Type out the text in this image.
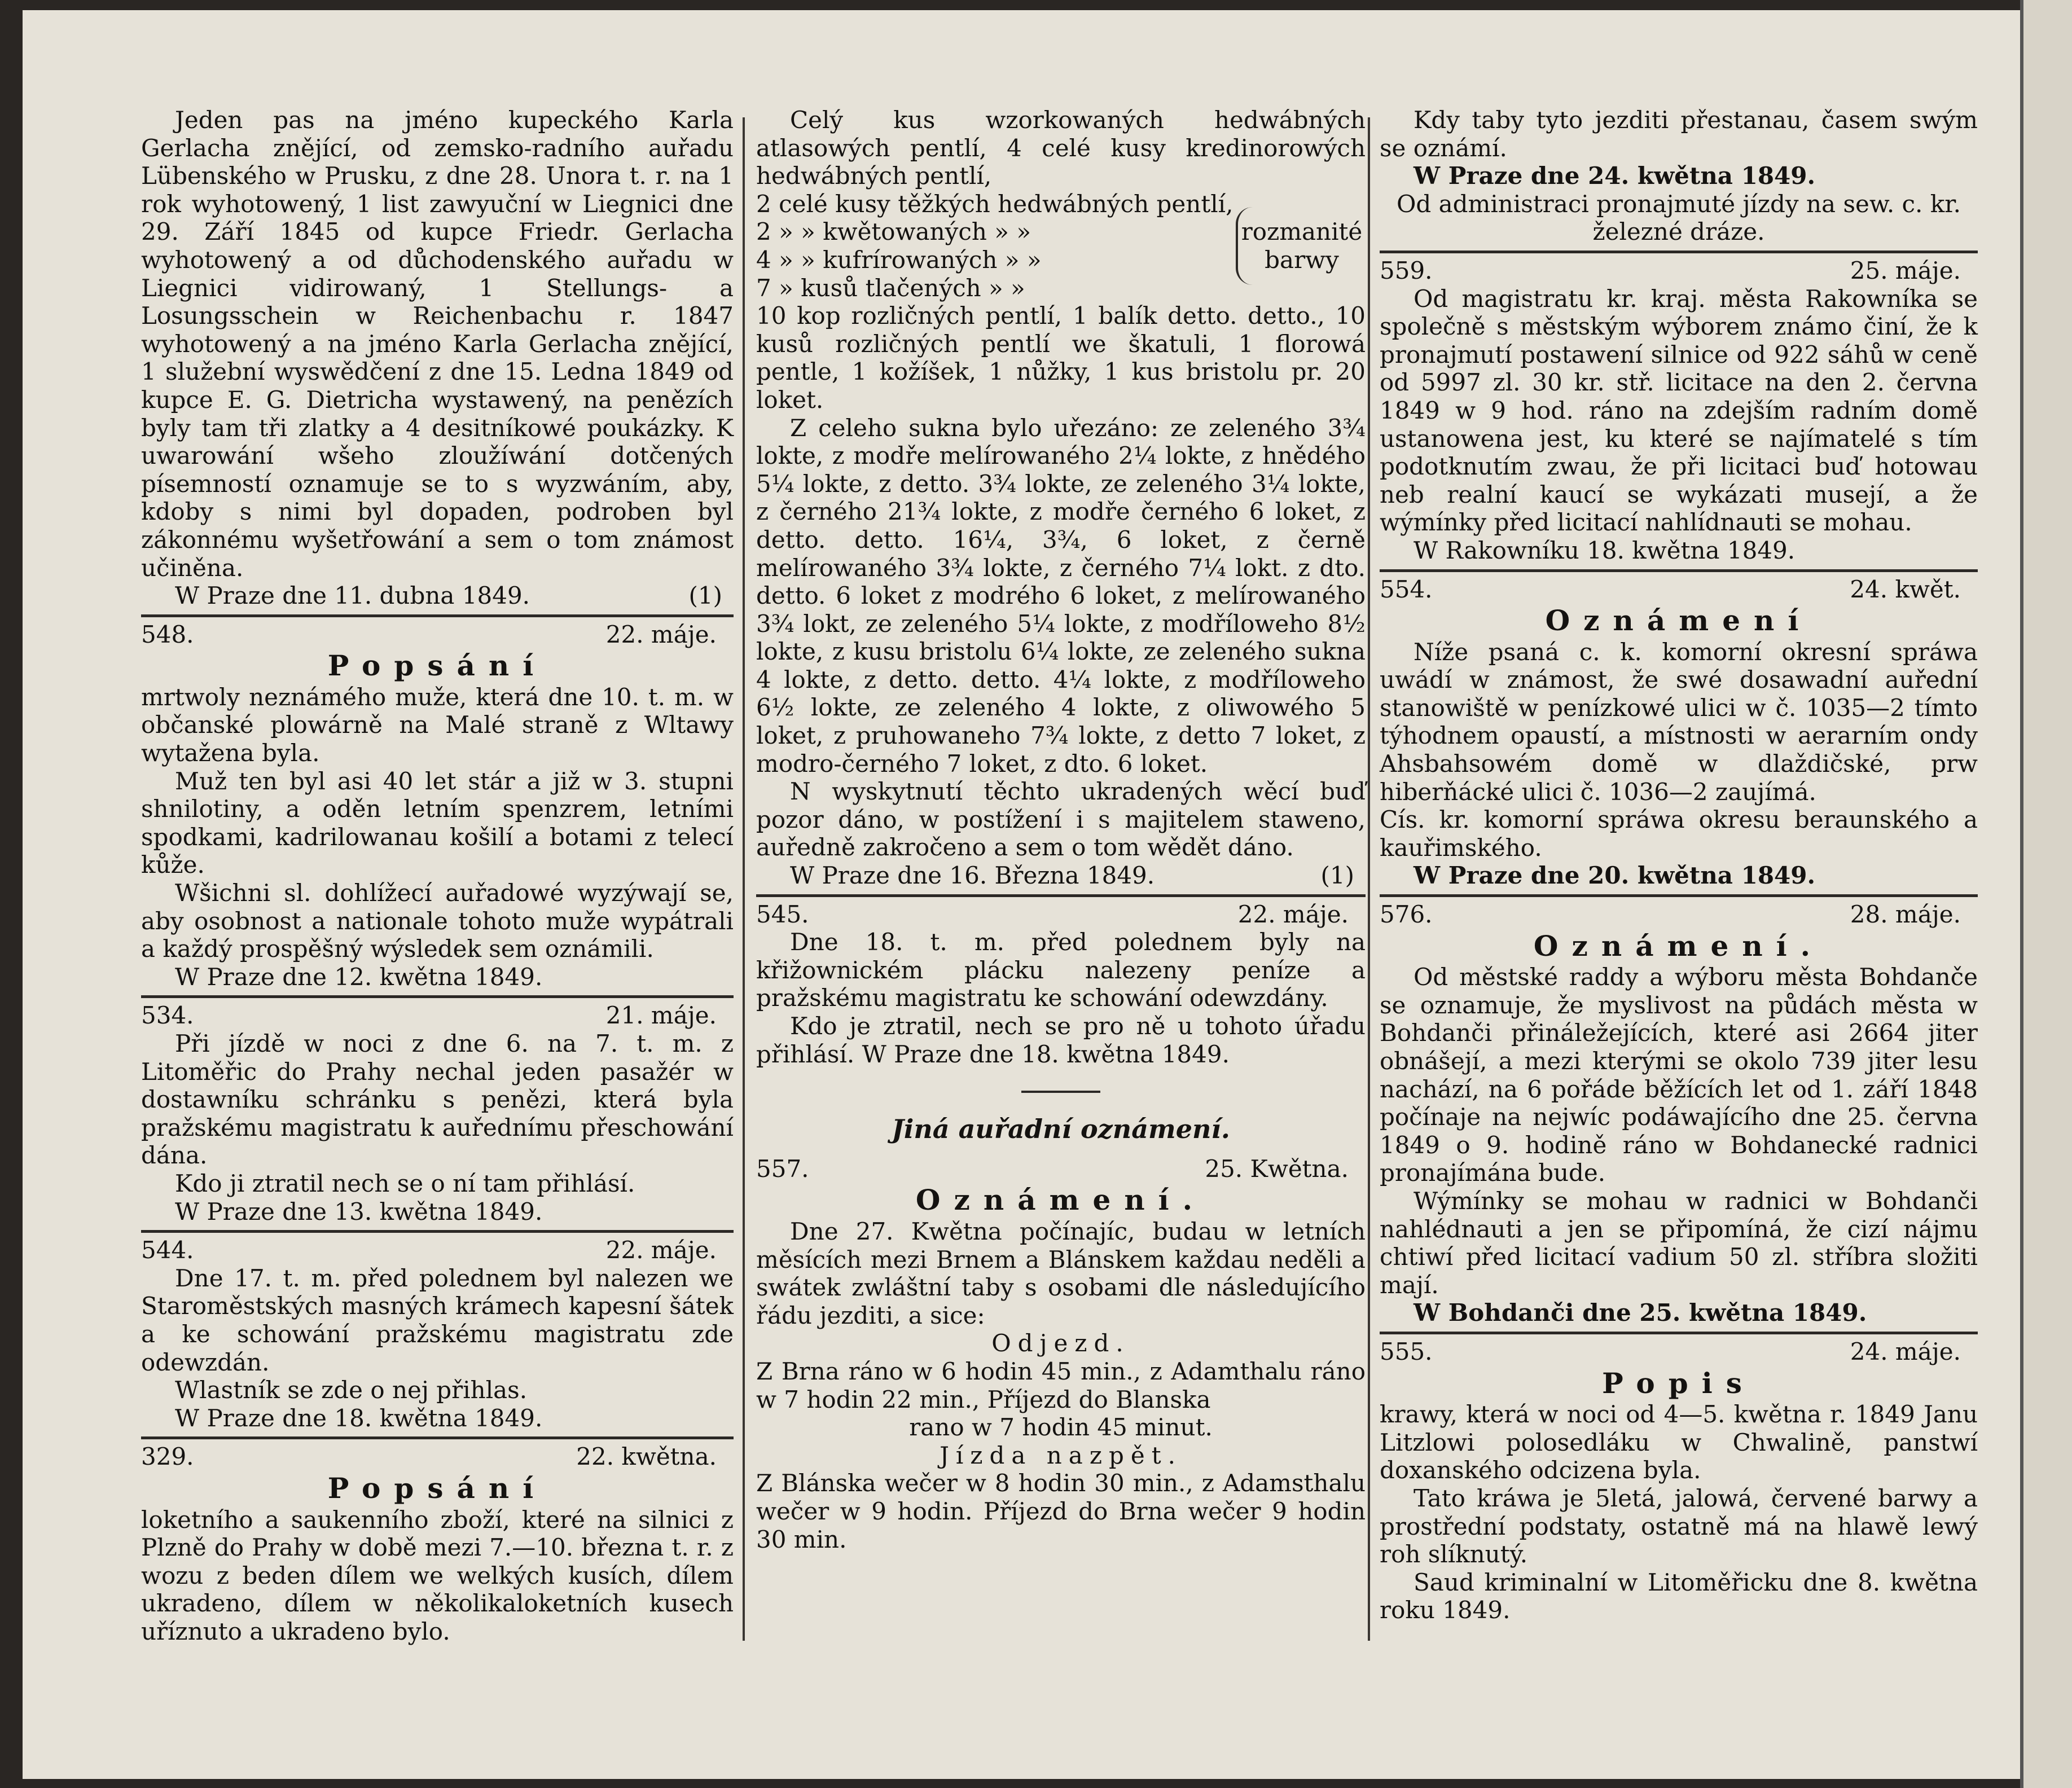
Jeden pas na jméno kupeckého Karla Gerlacha znějící, od zemsko-radního auřadu Lübenského w Prusku, z dne 28. Unora t. r. na 1 rok wyhotowený, 1 list zawyuční w Liegnici dne 29. Září 1845 od kupce Friedr. Gerlacha wyhotowený a od důchodenského auřadu w Liegnici vidirowaný, 1 Stellungs- a Losungsschein w Reichenbachu r. 1847 wyhotowený a na jméno Karla Gerlacha znějící, 1 služební wyswědčení z dne 15. Ledna 1849 od kupce E. G. Dietricha wystawený, na penězích byly tam tři zlatky a 4 desitníkowé poukázky. K uwarowání wšeho zloužíwání dotčených písemností oznamuje se to s wyzwáním, aby, kdoby s nimi byl dopaden, podroben byl zákonnému wyšetřowání a sem o tom známost učiněna.

W Praze dne 11. dubna 1849.	(1)
548.	22. máje.
Popsání

mrtwoly neznámého muže, která dne 10. t. m. w občanské plowárně na Malé straně z Wltawy wytažena byla.

Muž ten byl asi 40 let stár a již w 3. stupni shnilotiny, a oděn letním spenzrem, letními spodkami, kadrilowanau košilí a botami z telecí kůže.

Wšichni sl. dohlížecí auřadowé wyzýwají se, aby osobnost a nationale tohoto muže wypátrali a každý prospěšný wýsledek sem oznámili.

W Praze dne 12. kwětna 1849.

534.	21. máje.

Při jízdě w noci z dne 6. na 7. t. m. z Litoměřic do Prahy nechal jeden pasažér w dostawníku schránku s penězi, která byla pražskému magistratu k auřednímu přeschowání dána.

Kdo ji ztratil nech se o ní tam přihlásí.

W Praze dne 13. kwětna 1849.

544.	22. máje.

Dne 17. t. m. před polednem byl nalezen we Staroměstských masných krámech kapesní šátek a ke schowání pražskému magistratu zde odewzdán.

Wlastník se zde o nej přihlas.

W Praze dne 18. kwětna 1849.

329.	22. kwětna.
Popsání

loketního a saukenního zboží, které na silnici z Plzně do Prahy w době mezi 7.—10. března t. r. z wozu z beden dílem we welkých kusích, dílem ukradeno, dílem w několikaloketních kusech uříznuto a ukradeno bylo.

Celý kus wzorkowaných hedwábných atlasowých pentlí, 4 celé kusy kredinorowých hedwábných pentlí,

2 celé kusy těžkých hedwábných pentlí,
2 » » kwětowaných » »
4 » » kufrírowaných » »
7 » kusů tlačených » »
rozmanité barwy

10 kop rozličných pentlí, 1 balík detto. detto., 10 kusů rozličných pentlí we škatuli, 1 florowá pentle, 1 kožíšek, 1 nůžky, 1 kus bristolu pr. 20 loket.

Z celeho sukna bylo uřezáno: ze zeleného 3¾ lokte, z modře melírowaného 2¼ lokte, z hnědého 5¼ lokte, z detto. 3¾ lokte, ze zeleného 3¼ lokte, z černého 21¾ lokte, z modře černého 6 loket, z detto. detto. 16¼, 3¾, 6 loket, z černě melírowaného 3¾ lokte, z černého 7¼ lokt. z dto. detto. 6 loket z modrého 6 loket, z melírowaného 3¾ lokt, ze zeleného 5¼ lokte, z modříloweho 8½ lokte, z kusu bristolu 6¼ lokte, ze zeleného sukna 4 lokte, z detto. detto. 4¼ lokte, z modříloweho 6½ lokte, ze zeleného 4 lokte, z oliwowého 5 loket, z pruhowaneho 7¾ lokte, z detto 7 loket, z modro-černého 7 loket, z dto. 6 loket.

N wyskytnutí těchto ukradených wěcí buď pozor dáno, w postížení i s majitelem staweno, auředně zakročeno a sem o tom wědět dáno.

W Praze dne 16. Března 1849.	(1)
545.	22. máje.

Dne 18. t. m. před polednem byly na křižownickém plácku nalezeny peníze a pražskému magistratu ke schowání odewzdány.

Kdo je ztratil, nech se pro ně u tohoto úřadu přihlásí. W Praze dne 18. kwětna 1849.

Jiná auřadní oznámení.
557.	25. Kwětna.
Oznámení.

Dne 27. Kwětna počínajíc, budau w letních měsících mezi Brnem a Blánskem každau neděli a swátek zwláštní taby s osobami dle následujícího řádu jezditi, a sice:

Odjezd.

Z Brna ráno w 6 hodin 45 min., z Adamthalu ráno w 7 hodin 22 min., Příjezd do Blanska

rano w 7 hodin 45 minut.

Jízda nazpět.

Z Blánska wečer w 8 hodin 30 min., z Adamsthalu wečer w 9 hodin. Příjezd do Brna wečer 9 hodin 30 min.

Kdy taby tyto jezditi přestanau, časem swým se oznámí.

W Praze dne 24. kwětna 1849.

Od administraci pronajmuté jízdy na sew. c. kr. železné dráze.

559.	25. máje.

Od magistratu kr. kraj. města Rakowníka se společně s městským wýborem známo činí, že k pronajmutí postawení silnice od 922 sáhů w ceně od 5997 zl. 30 kr. stř. licitace na den 2. června 1849 w 9 hod. ráno na zdejším radním domě ustanowena jest, ku které se najímatelé s tím podotknutím zwau, že při licitaci buď hotowau neb realní kaucí se wykázati musejí, a že wýmínky před licitací nahlídnauti se mohau.

W Rakowníku 18. kwětna 1849.

554.	24. kwět.
Oznámení

Níže psaná c. k. komorní okresní spráwa uwádí w známost, že swé dosawadní auřední stanowiště w penízkowé ulici w č. 1035—2 tímto týhodnem opaustí, a místnosti w aerarním ondy Ahsbahsowém domě w dlaždičské, prw hiberňácké ulici č. 1036—2 zaujímá.

Cís. kr. komorní spráwa okresu beraunského a kauřimského.

W Praze dne 20. kwětna 1849.

576.	28. máje.
Oznámení.

Od městské raddy a wýboru města Bohdanče se oznamuje, že myslivost na půdách města w Bohdanči přináležejících, které asi 2664 jiter obnášejí, a mezi kterými se okolo 739 jiter lesu nachází, na 6 pořáde běžících let od 1. září 1848 počínaje na nejwíc podáwajícího dne 25. června 1849 o 9. hodině ráno w Bohdanecké radnici pronajímána bude.

Wýmínky se mohau w radnici w Bohdanči nahlédnauti a jen se připomíná, že cizí nájmu chtiwí před licitací vadium 50 zl. stříbra složiti mají.

W Bohdanči dne 25. kwětna 1849.

555.	24. máje.
Popis

krawy, která w noci od 4—5. kwětna r. 1849 Janu Litzlowi polosedláku w Chwalině, panstwí doxanského odcizena byla.

Tato kráwa je 5letá, jalowá, červené barwy a prostřední podstaty, ostatně má na hlawě lewý roh slíknutý.

Saud kriminalní w Litoměřicku dne 8. kwětna roku 1849.
